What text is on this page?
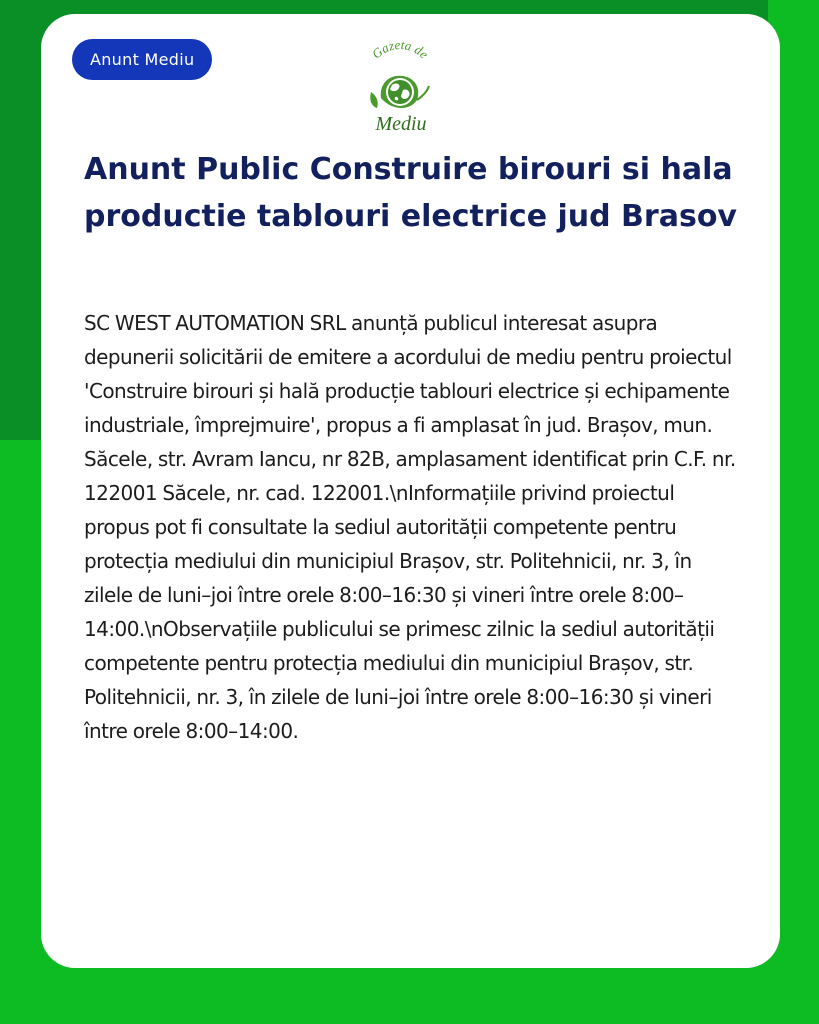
Anunt Mediu	Gazeta de
Mediu
Anunt Public Construire birouri si hala productie tablouri electrice jud Brasov

SC WEST AUTOMATION SRL anunță publicul interesat asupra depunerii solicitării de emitere a acordului de mediu pentru proiectul 'Construire birouri și hală producție tablouri electrice și echipamente industriale, împrejmuire', propus a fi amplasat în jud. Brașov, mun. Săcele, str. Avram Iancu, nr 82B, amplasament identificat prin C.F. nr. 122001 Săcele, nr. cad. 122001.\nInformațiile privind proiectul propus pot fi consultate la sediul autorității competente pentru protecția mediului din municipiul Brașov, str. Politehnicii, nr. 3, în zilele de luni–joi între orele 8:00–16:30 și vineri între orele 8:00–14:00.\nObservațiile publicului se primesc zilnic la sediul autorității competente pentru protecția mediului din municipiul Brașov, str. Politehnicii, nr. 3, în zilele de luni–joi între orele 8:00–16:30 și vineri între orele 8:00–14:00.
